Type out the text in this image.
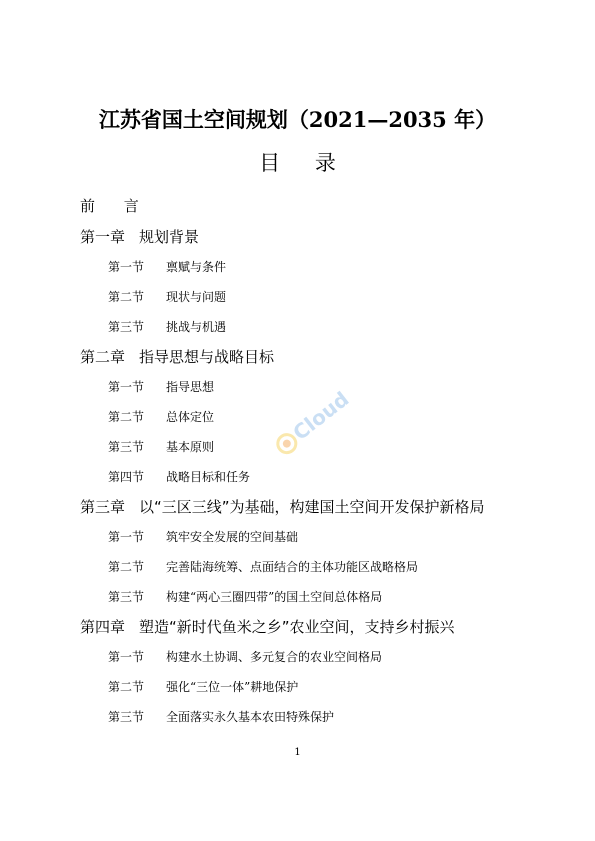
江苏省国土空间规划（2021—2035 年）
目 录
前 言
第一章 规划背景
第一节 禀赋与条件
第二节 现状与问题
第三节 挑战与机遇
第二章 指导思想与战略目标
第一节 指导思想
第二节 总体定位
第三节 基本原则
第四节 战略目标和任务
第三章 以“三区三线”为基础，构建国土空间开发保护新格局
第一节 筑牢安全发展的空间基础
第二节 完善陆海统筹、点面结合的主体功能区战略格局
第三节 构建“两心三圈四带”的国土空间总体格局
第四章 塑造“新时代鱼米之乡”农业空间，支持乡村振兴
第一节 构建水土协调、多元复合的农业空间格局
第二节 强化“三位一体”耕地保护
第三节 全面落实永久基本农田特殊保护
Cloud
1
